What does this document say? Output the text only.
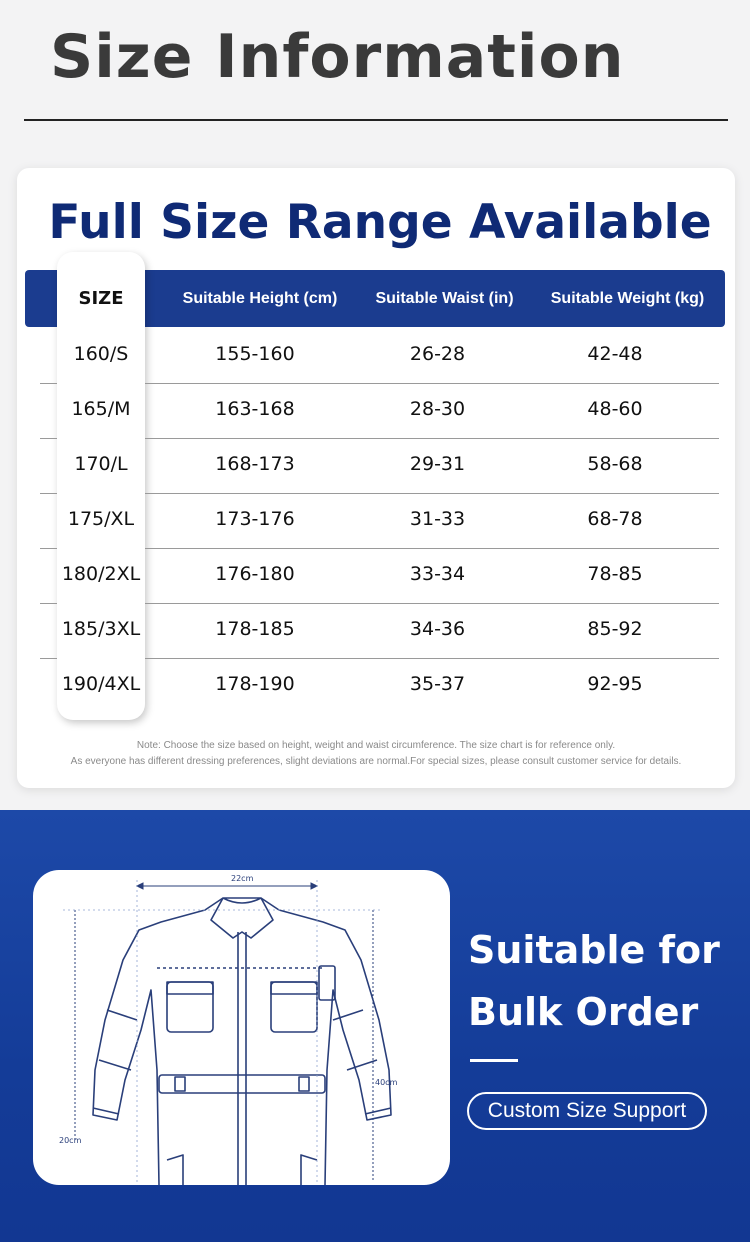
Size Information
Full Size Range Available
SIZE	Suitable Height (cm)	Suitable Waist (in)	Suitable Weight (kg)
160/S	155-160	26-28	42-48
165/M	163-168	28-30	48-60
170/L	168-173	29-31	58-68
175/XL	173-176	31-33	68-78
180/2XL	176-180	33-34	78-85
185/3XL	178-185	34-36	85-92
190/4XL	178-190	35-37	92-95
Note: Choose the size based on height, weight and waist circumference. The size chart is for reference only.
As everyone has different dressing preferences, slight deviations are normal.For special sizes, please consult customer service for details.
22cm
40cm
20cm
Suitable for
Bulk Order
Custom Size Support
